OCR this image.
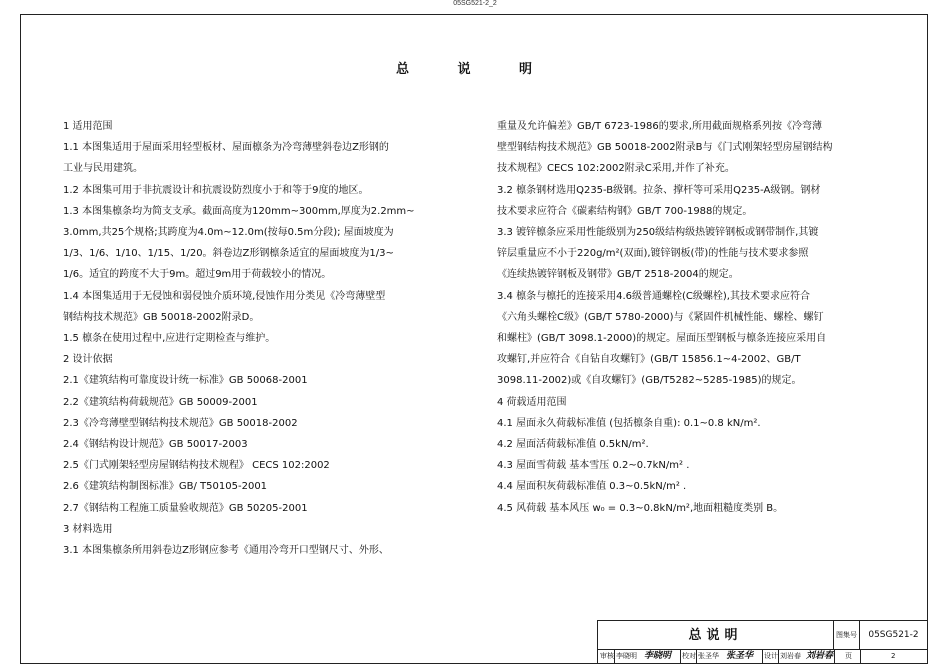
05SG521-2_2
总 说 明
1 适用范围
1.1 本图集适用于屋面采用轻型板材、屋面檩条为冷弯薄壁斜卷边Z形钢的
工业与民用建筑。
1.2 本图集可用于非抗震设计和抗震设防烈度小于和等于9度的地区。
1.3 本图集檩条均为简支支承。截面高度为120mm~300mm,厚度为2.2mm~
3.0mm,共25个规格;其跨度为4.0m~12.0m(按每0.5m分段); 屋面坡度为
1/3、1/6、1/10、1/15、1/20。斜卷边Z形钢檩条适宜的屋面坡度为1/3~
1/6。适宜的跨度不大于9m。超过9m用于荷载较小的情况。
1.4 本图集适用于无侵蚀和弱侵蚀介质环境,侵蚀作用分类见《冷弯薄壁型
钢结构技术规范》GB 50018-2002附录D。
1.5 檩条在使用过程中,应进行定期检查与维护。
2 设计依据
2.1《建筑结构可靠度设计统一标准》GB 50068-2001
2.2《建筑结构荷载规范》GB 50009-2001
2.3《冷弯薄壁型钢结构技术规范》GB 50018-2002
2.4《钢结构设计规范》GB 50017-2003
2.5《门式刚架轻型房屋钢结构技术规程》 CECS 102:2002
2.6《建筑结构制图标准》GB/ T50105-2001
2.7《钢结构工程施工质量验收规范》GB 50205-2001
3 材料选用
3.1 本图集檩条所用斜卷边Z形钢应参考《通用冷弯开口型钢尺寸、外形、
重量及允许偏差》GB/T 6723-1986的要求,所用截面规格系列按《冷弯薄
壁型钢结构技术规范》GB 50018-2002附录B与《门式刚架轻型房屋钢结构
技术规程》CECS 102:2002附录C采用,并作了补充。
3.2 檩条钢材选用Q235-B级钢。拉条、撑杆等可采用Q235-A级钢。钢材
技术要求应符合《碳素结构钢》GB/T 700-1988的规定。
3.3 镀锌檩条应采用性能级别为250级结构级热镀锌钢板或钢带制作,其镀
锌层重量应不小于220g/m²(双面),镀锌钢板(带)的性能与技术要求参照
《连续热镀锌钢板及钢带》GB/T 2518-2004的规定。
3.4 檩条与檩托的连接采用4.6级普通螺栓(C级螺栓),其技术要求应符合
《六角头螺栓C级》(GB/T 5780-2000)与《紧固件机械性能、螺栓、螺钉
和螺柱》(GB/T 3098.1-2000)的规定。屋面压型钢板与檩条连接应采用自
攻螺钉,并应符合《自钻自攻螺钉》(GB/T 15856.1~4-2002、GB/T
3098.11-2002)或《自攻螺钉》(GB/T5282~5285-1985)的规定。
4 荷载适用范围
4.1 屋面永久荷载标准值 (包括檩条自重): 0.1~0.8 kN/m².
4.2 屋面活荷载标准值 0.5kN/m².
4.3 屋面雪荷载 基本雪压 0.2~0.7kN/m² .
4.4 屋面积灰荷载标准值 0.3~0.5kN/m² .
4.5 风荷载 基本风压 w₀ = 0.3~0.8kN/m²,地面粗糙度类别 B。
总说明	图集号	05SG521-2
审核 李晓明 李晓明 校对 张圣华 张圣华 设计 刘岩春 刘岩春 页	2
